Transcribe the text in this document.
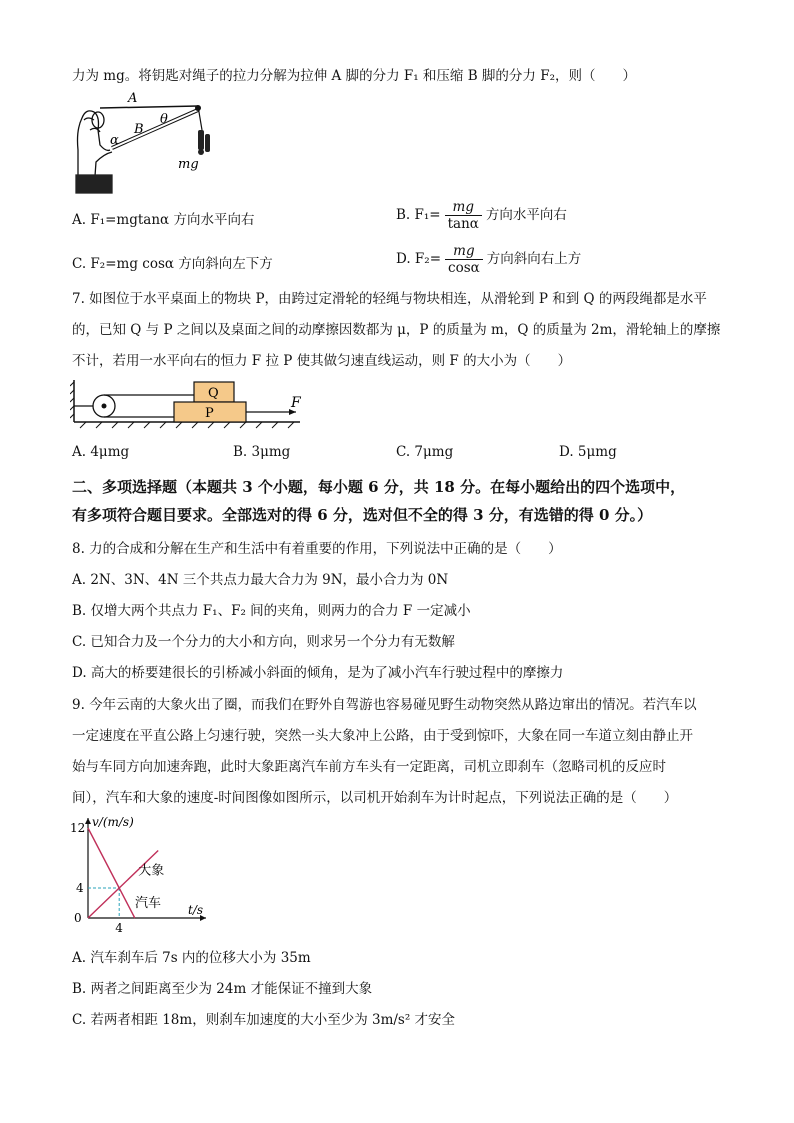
力为 mg。将钥匙对绳子的拉力分解为拉伸 A 脚的分力 F₁ 和压缩 B 脚的分力 F₂，则（　　）
A
B
α
θ
mg
A. F₁=mgtanα 方向水平向右	B. $F_1= \frac{mg}{\tan\alpha}$ 方向水平向右
C. F₂=mg cosα 方向斜向左下方	D. $F_2= \frac{mg}{\cos\alpha}$ 方向斜向右上方
7. 如图位于水平桌面上的物块 P，由跨过定滑轮的轻绳与物块相连，从滑轮到 P 和到 Q 的两段绳都是水平
的，已知 Q 与 P 之间以及桌面之间的动摩擦因数都为 μ，P 的质量为 m，Q 的质量为 2m，滑轮轴上的摩擦
不计，若用一水平向右的恒力 F 拉 P 使其做匀速直线运动，则 F 的大小为（　　）
Q
P
F
A. 4μmg	B. 3μmg	C. 7μmg	D. 5μmg
二、多项选择题（本题共 3 个小题，每小题 6 分，共 18 分。在每小题给出的四个选项中，
有多项符合题目要求。全部选对的得 6 分，选对但不全的得 3 分，有选错的得 0 分。）
8. 力的合成和分解在生产和生活中有着重要的作用，下列说法中正确的是（　　）
A. 2N、3N、4N 三个共点力最大合力为 9N，最小合力为 0N
B. 仅增大两个共点力 F₁、F₂ 间的夹角，则两力的合力 F 一定减小
C. 已知合力及一个分力的大小和方向，则求另一个分力有无数解
D. 高大的桥要建很长的引桥减小斜面的倾角，是为了减小汽车行驶过程中的摩擦力
9. 今年云南的大象火出了圈，而我们在野外自驾游也容易碰见野生动物突然从路边窜出的情况。若汽车以
一定速度在平直公路上匀速行驶，突然一头大象冲上公路，由于受到惊吓，大象在同一车道立刻由静止开
始与车同方向加速奔跑，此时大象距离汽车前方车头有一定距离，司机立即刹车（忽略司机的反应时
间），汽车和大象的速度-时间图像如图所示，以司机开始刹车为计时起点，下列说法正确的是（　　）
v/(m/s)
t/s
0
4
4
12
大象
汽车
A. 汽车刹车后 7s 内的位移大小为 35m
B. 两者之间距离至少为 24m 才能保证不撞到大象
C. 若两者相距 18m，则刹车加速度的大小至少为 3m/s² 才安全
